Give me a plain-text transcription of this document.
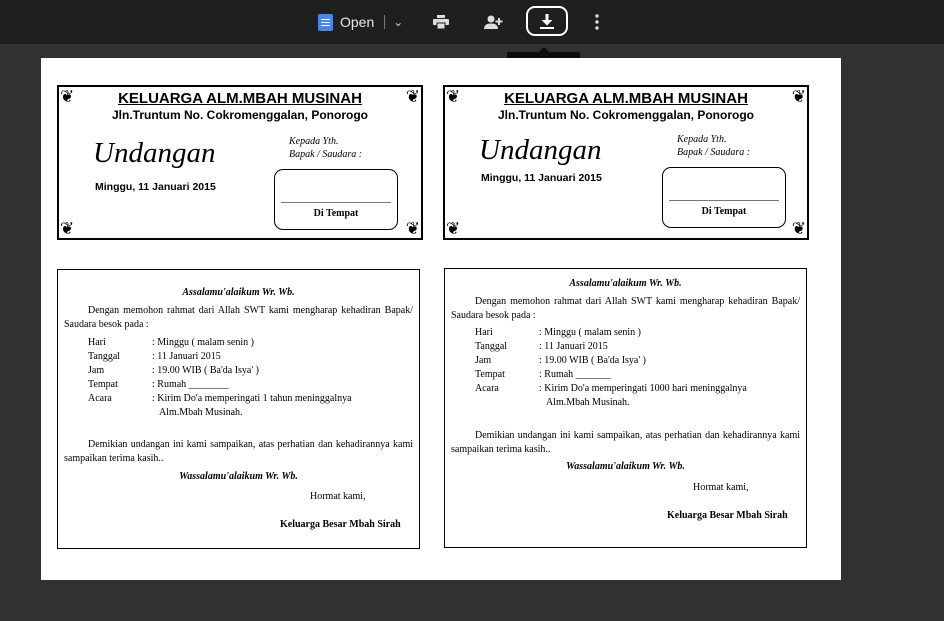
Open ⌄
❦	❦
❦	❦
KELUARGA ALM.MBAH MUSINAH
Jln.Truntum No. Cokromenggalan, Ponorogo
Undangan
Minggu, 11 Januari 2015
Kepada Yth.
Bapak / Saudara :
Di Tempat
❦	❦
❦	❦
KELUARGA ALM.MBAH MUSINAH
Jln.Truntum No. Cokromenggalan, Ponorogo
Undangan
Minggu, 11 Januari 2015
Kepada Yth.
Bapak / Saudara :
Di Tempat
Assalamu'alaikum Wr. Wb.
Dengan memohon rahmat dari Allah SWT kami mengharap kehadiran Bapak/ Saudara besok pada :
Hari	: Minggu ( malam senin )
Tanggal	: 11 Januari 2015
Jam	: 19.00 WIB ( Ba'da Isya' )
Tempat	: Rumah ________
Acara	: Kirim Do'a memperingati 1 tahun meninggalnya
Alm.Mbah Musinah.
Demikian undangan ini kami sampaikan, atas perhatian dan kehadirannya kami sampaikan terima kasih..
Wassalamu'alaikum Wr. Wb.
Hormat kami,
Keluarga Besar Mbah Sirah
Assalamu'alaikum Wr. Wb.
Dengan memohon rahmat dari Allah SWT kami mengharap kehadiran Bapak/ Saudara besok pada :
Hari	: Minggu ( malam senin )
Tanggal	: 11 Januari 2015
Jam	: 19.00 WIB ( Ba'da Isya' )
Tempat	: Rumah _______
Acara	: Kirim Do'a memperingati 1000 hari meninggalnya
Alm.Mbah Musinah.
Demikian undangan ini kami sampaikan, atas perhatian dan kehadirannya kami sampaikan terima kasih..
Wassalamu'alaikum Wr. Wb.
Hormat kami,
Keluarga Besar Mbah Sirah
